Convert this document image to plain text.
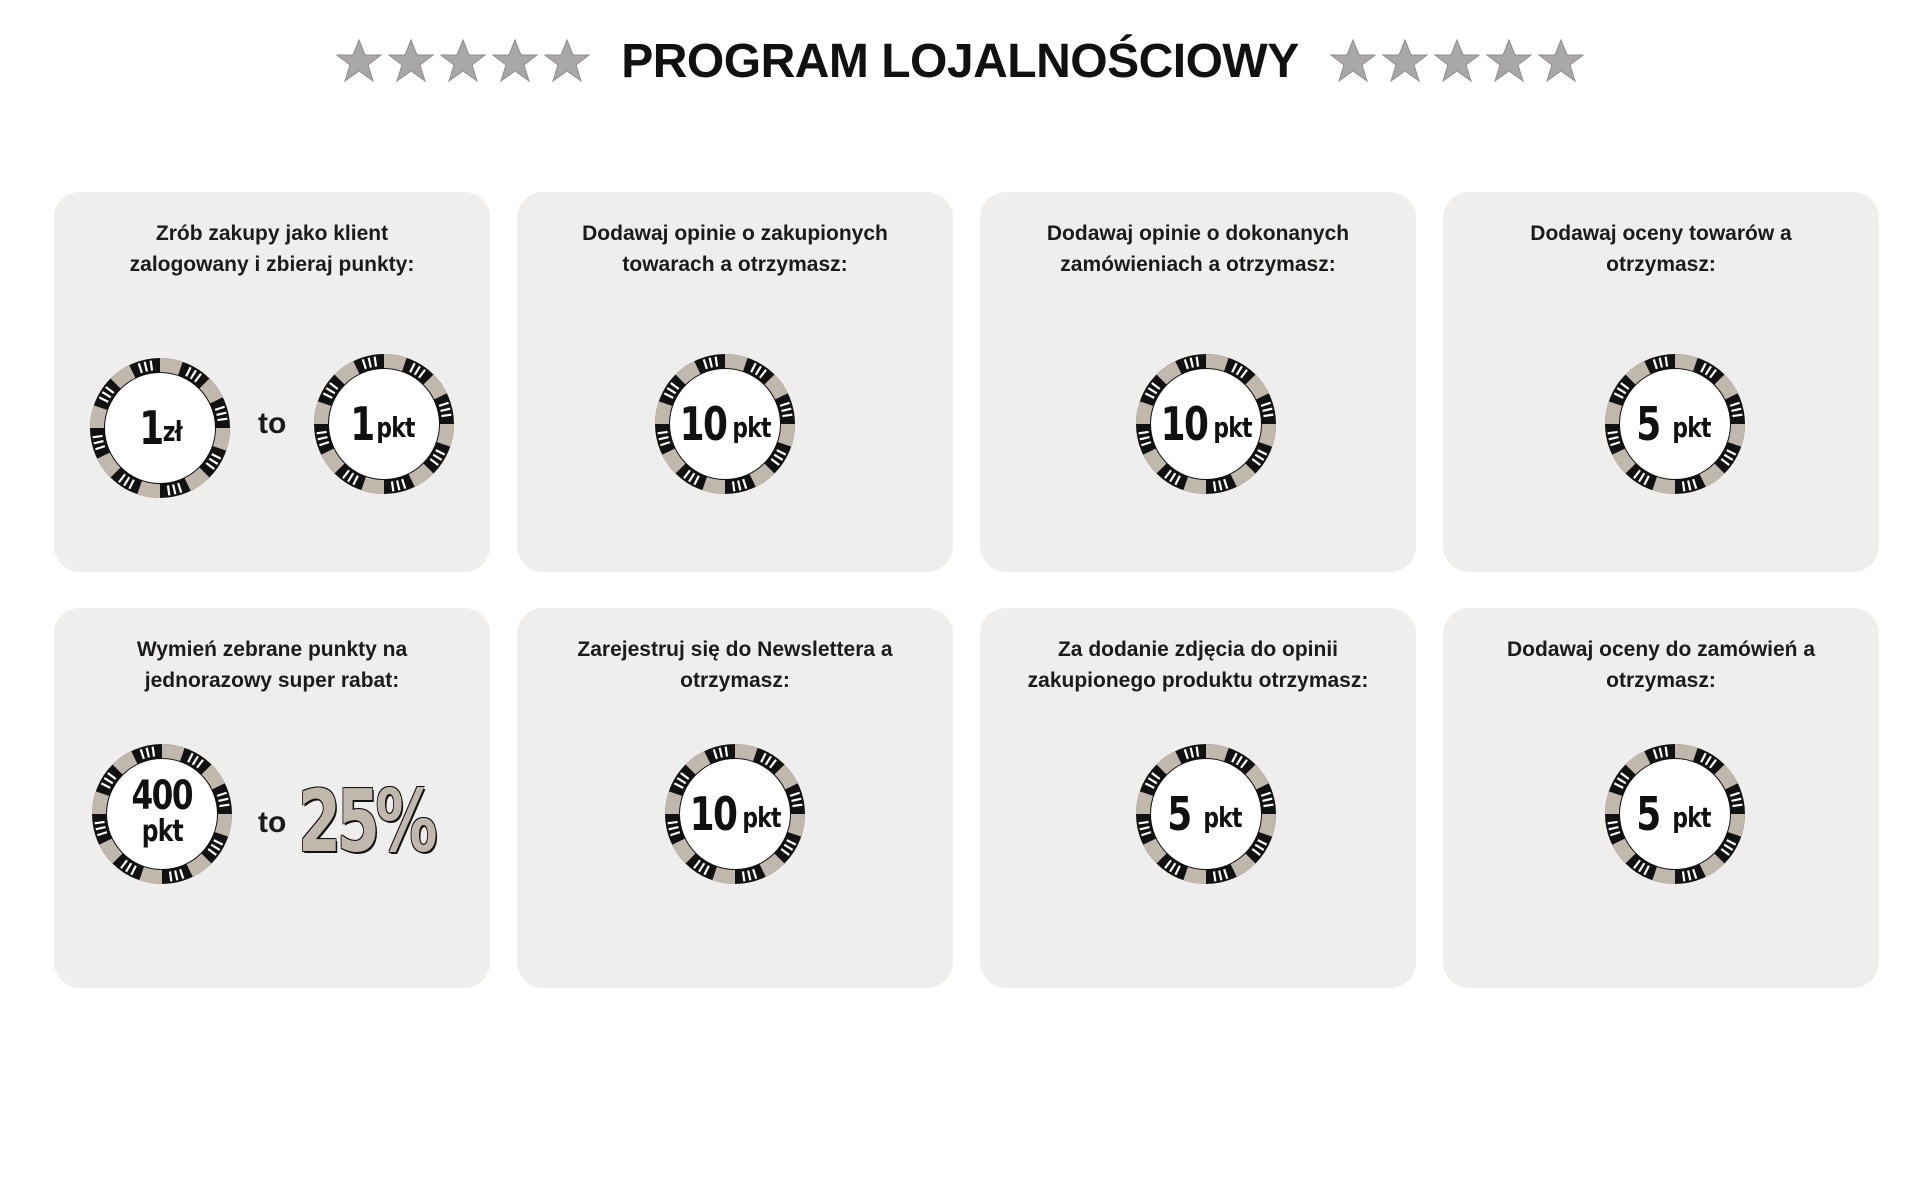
PROGRAM LOJALNOŚCIOWY
Zrób zakupy jako klient
zalogowany i zbieraj punkty:
1 zł	to 1 pkt
Dodawaj opinie o zakupionych
towarach a otrzymasz:
10 pkt
Dodawaj opinie o dokonanych
zamówieniach a otrzymasz:
10 pkt
Dodawaj oceny towarów a
otrzymasz:
5 pkt
Wymień zebrane punkty na
jednorazowy super rabat:
400
pkt	to 25%
Zarejestruj się do Newslettera a
otrzymasz:
10 pkt
Za dodanie zdjęcia do opinii
zakupionego produktu otrzymasz:
5 pkt
Dodawaj oceny do zamówień a
otrzymasz:
5 pkt
